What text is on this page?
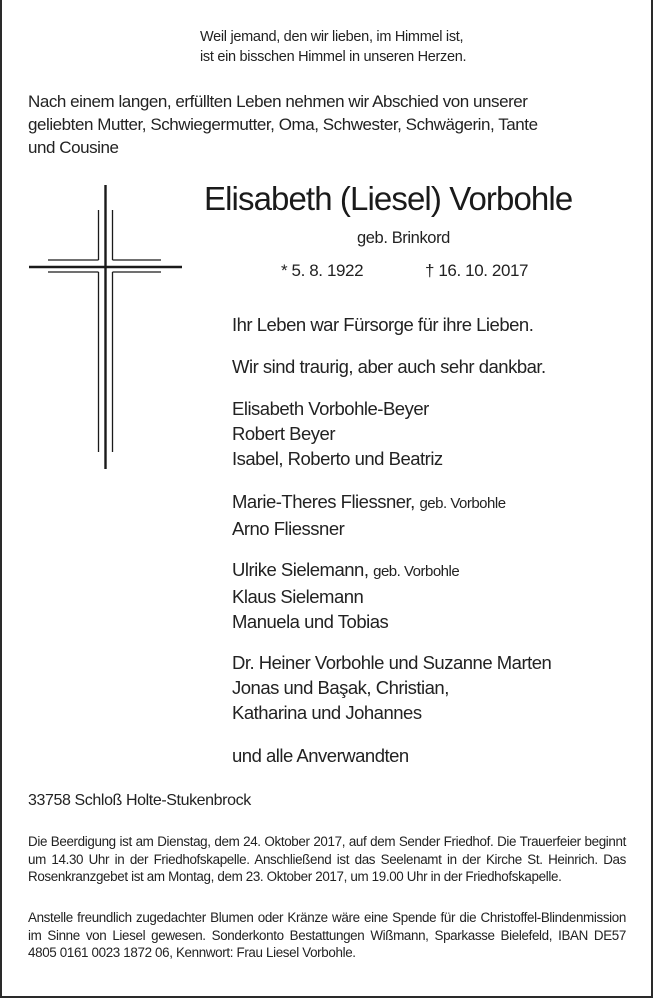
Weil jemand, den wir lieben, im Himmel ist,
ist ein bisschen Himmel in unseren Herzen.
Nach einem langen, erfüllten Leben nehmen wir Abschied von unserer
geliebten Mutter, Schwiegermutter, Oma, Schwester, Schwägerin, Tante
und Cousine
Elisabeth (Liesel) Vorbohle
geb. Brinkord
* 5. 8. 1922	† 16. 10. 2017
Ihr Leben war Fürsorge für ihre Lieben.
Wir sind traurig, aber auch sehr dankbar.
Elisabeth Vorbohle-Beyer
Robert Beyer
Isabel, Roberto und Beatriz
Marie-Theres Fliessner, geb. Vorbohle
Arno Fliessner
Ulrike Sielemann, geb. Vorbohle
Klaus Sielemann
Manuela und Tobias
Dr. Heiner Vorbohle und Suzanne Marten
Jonas und Başak, Christian,
Katharina und Johannes
und alle Anverwandten
33758 Schloß Holte-Stukenbrock
Die Beerdigung ist am Dienstag, dem 24. Oktober 2017, auf dem Sender Friedhof. Die Trauerfeier beginnt um 14.30 Uhr in der Friedhofskapelle. Anschließend ist das Seelenamt in der Kirche St. Heinrich. Das Rosenkranzgebet ist am Montag, dem 23. Oktober 2017, um 19.00 Uhr in der Friedhofskapelle.
Anstelle freundlich zugedachter Blumen oder Kränze wäre eine Spende für die Christoffel-Blindenmission im Sinne von Liesel gewesen. Sonderkonto Bestattungen Wißmann, Sparkasse Bielefeld, IBAN DE57 4805 0161 0023 1872 06, Kennwort: Frau Liesel Vorbohle.
